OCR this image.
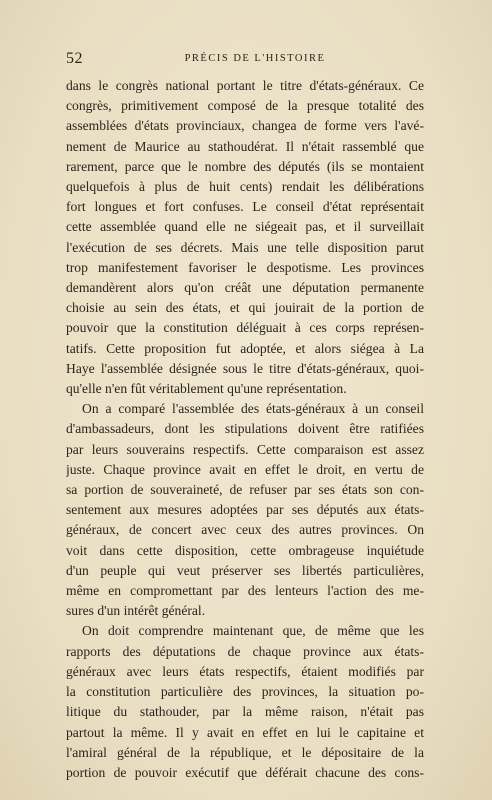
52	PRÉCIS DE L'HISTOIRE

dans le congrès national portant le titre d'états-généraux. Ce
congrès, primitivement composé de la presque totalité des
assemblées d'états provinciaux, changea de forme vers l'avé-
nement de Maurice au stathoudérat. Il n'était rassemblé que
rarement, parce que le nombre des députés (ils se montaient
quelquefois à plus de huit cents) rendait les délibérations
fort longues et fort confuses. Le conseil d'état représentait
cette assemblée quand elle ne siégeait pas, et il surveillait
l'exécution de ses décrets. Mais une telle disposition parut
trop manifestement favoriser le despotisme. Les provinces
demandèrent alors qu'on créât une députation permanente
choisie au sein des états, et qui jouirait de la portion de
pouvoir que la constitution déléguait à ces corps représen-
tatifs. Cette proposition fut adoptée, et alors siégea à La
Haye l'assemblée désignée sous le titre d'états-généraux, quoi-
qu'elle n'en fût véritablement qu'une représentation.

On a comparé l'assemblée des états-généraux à un conseil
d'ambassadeurs, dont les stipulations doivent être ratifiées
par leurs souverains respectifs. Cette comparaison est assez
juste. Chaque province avait en effet le droit, en vertu de
sa portion de souveraineté, de refuser par ses états son con-
sentement aux mesures adoptées par ses députés aux états-
généraux, de concert avec ceux des autres provinces. On
voit dans cette disposition, cette ombrageuse inquiétude
d'un peuple qui veut préserver ses libertés particulières,
même en compromettant par des lenteurs l'action des me-
sures d'un intérêt général.

On doit comprendre maintenant que, de même que les
rapports des députations de chaque province aux états-
généraux avec leurs états respectifs, étaient modifiés par
la constitution particulière des provinces, la situation po-
litique du stathouder, par la même raison, n'était pas
partout la même. Il y avait en effet en lui le capitaine et
l'amiral général de la république, et le dépositaire de la
portion de pouvoir exécutif que déférait chacune des cons-
